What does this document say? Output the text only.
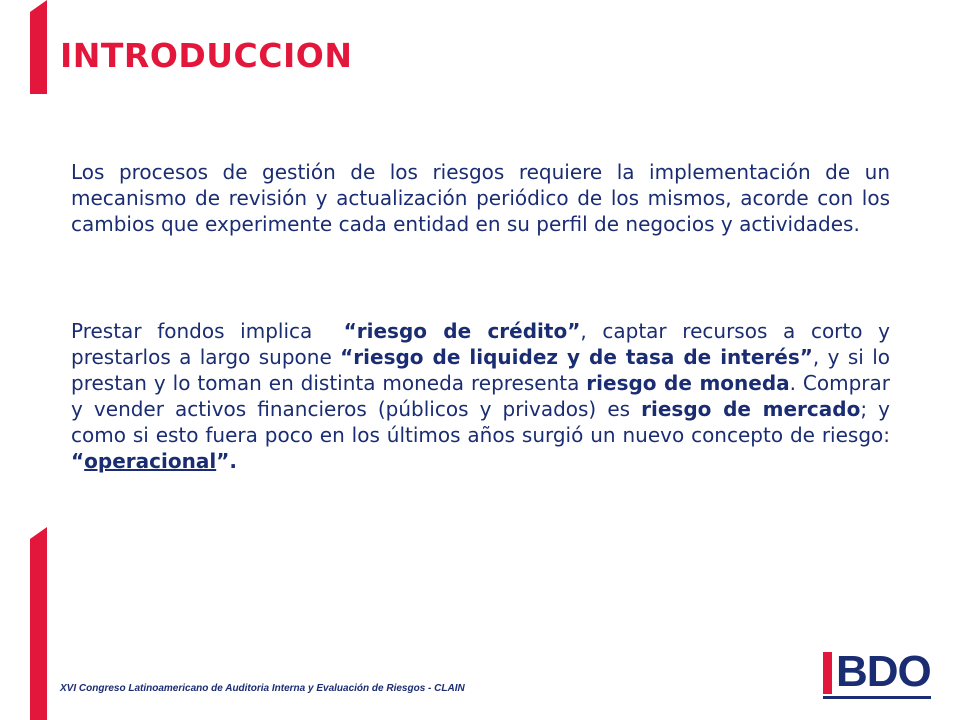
INTRODUCCION

Los procesos de gestión de los riesgos requiere la implementación de un mecanismo de revisión y actualización periódico de los mismos, acorde con los cambios que experimente cada entidad en su perfil de negocios y actividades.

Prestar fondos implica  “riesgo de crédito”, captar recursos a corto y prestarlos a largo supone “riesgo de liquidez y de tasa de interés”, y si lo prestan y lo toman en distinta moneda representa riesgo de moneda. Comprar y vender activos financieros (públicos y privados) es riesgo de mercado; y como si esto fuera poco en los últimos años surgió un nuevo concepto de riesgo: “operacional”.

XVI Congreso Latinoamericano de Auditoria Interna y Evaluación de Riesgos - CLAIN	BDO
